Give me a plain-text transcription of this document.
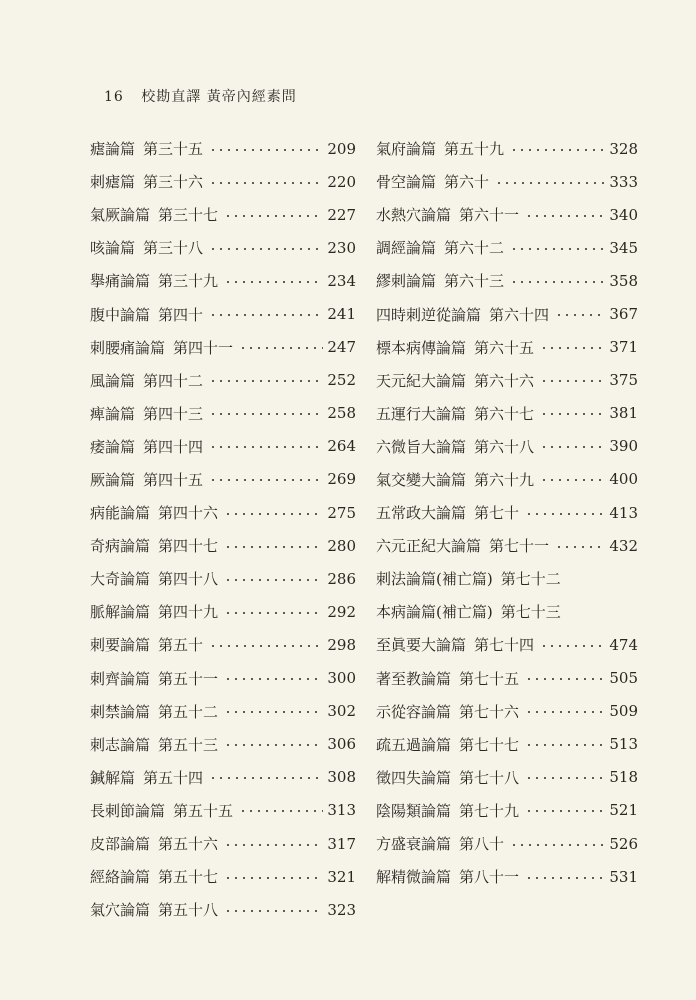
16 校勘直譯 黃帝內經素問
瘧論篇 第三十五	209
刺瘧篇 第三十六	220
氣厥論篇 第三十七	227
咳論篇 第三十八	230
擧痛論篇 第三十九	234
腹中論篇 第四十	241
刺腰痛論篇 第四十一	247
風論篇 第四十二	252
痺論篇 第四十三	258
痿論篇 第四十四	264
厥論篇 第四十五	269
病能論篇 第四十六	275
奇病論篇 第四十七	280
大奇論篇 第四十八	286
脈解論篇 第四十九	292
刺要論篇 第五十	298
刺齊論篇 第五十一	300
刺禁論篇 第五十二	302
刺志論篇 第五十三	306
鍼解篇 第五十四	308
長刺節論篇 第五十五	313
皮部論篇 第五十六	317
經絡論篇 第五十七	321
氣穴論篇 第五十八	323
氣府論篇 第五十九	328
骨空論篇 第六十	333
水熱穴論篇 第六十一	340
調經論篇 第六十二	345
繆刺論篇 第六十三	358
四時刺逆從論篇 第六十四	367
標本病傳論篇 第六十五	371
天元紀大論篇 第六十六	375
五運行大論篇 第六十七	381
六微旨大論篇 第六十八	390
氣交變大論篇 第六十九	400
五常政大論篇 第七十	413
六元正紀大論篇 第七十一	432
刺法論篇(補亡篇) 第七十二
本病論篇(補亡篇) 第七十三
至眞要大論篇 第七十四	474
著至教論篇 第七十五	505
示從容論篇 第七十六	509
疏五過論篇 第七十七	513
徵四失論篇 第七十八	518
陰陽類論篇 第七十九	521
方盛衰論篇 第八十	526
解精微論篇 第八十一	531
